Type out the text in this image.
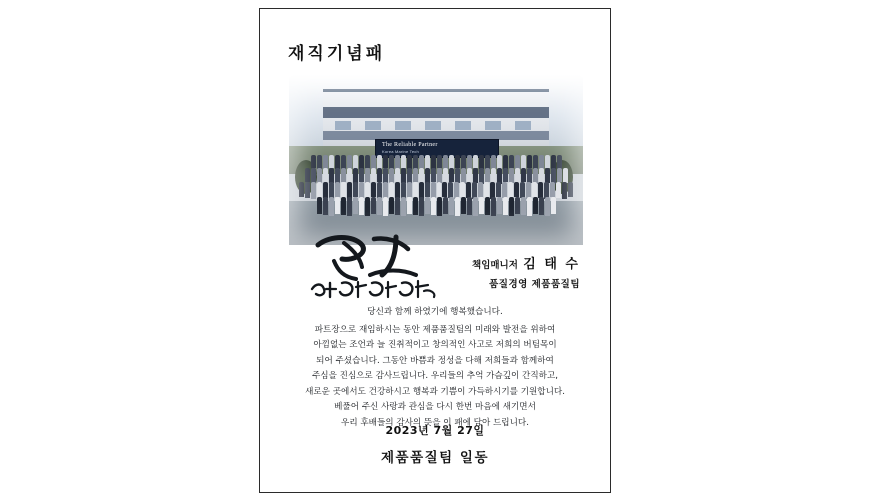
재직기념패
The Reliable Partner
Korea Marine Tech
책임매니저 김 태 수
품질경영 제품품질팀

당신과 함께 하였기에 행복했습니다.

파트장으로 재임하시는 동안 제품품질팀의 미래와 발전을 위하여

아낌없는 조언과 늘 진취적이고 창의적인 사고로 저희의 버팀목이

되어 주셨습니다. 그동안 바쁨과 정성을 다해 저희들과 함께하여

주심을 진심으로 감사드립니다. 우리들의 추억 가슴깊이 간직하고,

새로운 곳에서도 건강하시고 행복과 기쁨이 가득하시기를 기원합니다.

베풀어 주신 사랑과 관심을 다시 한번 마음에 새기면서

우리 후배들의 감사의 뜻을 이 패에 담아 드립니다.

2023년 7월 27일
제품품질팀 일동
